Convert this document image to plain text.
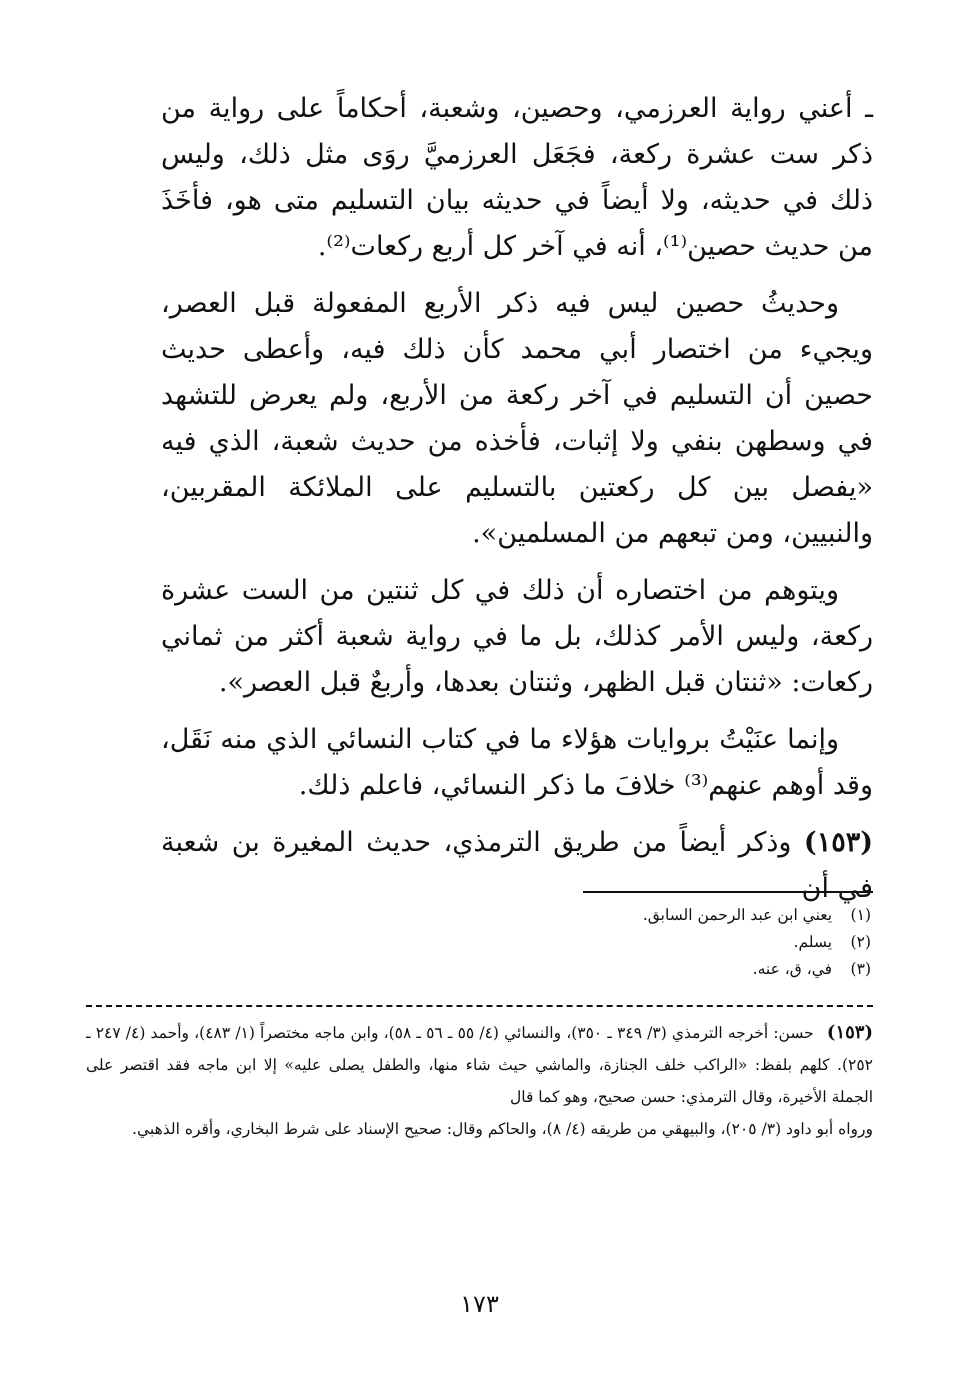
ـ أعني رواية العرزمي، وحصين، وشعبة، أحكاماً على رواية من ذكر ست عشرة ركعة، فجَعَل العرزميَّ روَى مثل ذلك، وليس ذلك في حديثه، ولا أيضاً في حديثه بيان التسليم متى هو، فأخَذَ من حديث حصين⁽¹⁾، أنه في آخر كل أربع ركعات⁽²⁾.

وحديثُ حصين ليس فيه ذكر الأربع المفعولة قبل العصر، ويجيء من اختصار أبي محمد كأن ذلك فيه، وأعطى حديث حصين أن التسليم في آخر ركعة من الأربع، ولم يعرض للتشهد في وسطهن بنفي ولا إثبات، فأخذه من حديث شعبة، الذي فيه «يفصل بين كل ركعتين بالتسليم على الملائكة المقربين، والنبيين، ومن تبعهم من المسلمين».

ويتوهم من اختصاره أن ذلك في كل ثنتين من الست عشرة ركعة، وليس الأمر كذلك، بل ما في رواية شعبة أكثر من ثماني ركعات: «ثنتان قبل الظهر، وثنتان بعدها، وأربعٌ قبل العصر».

وإنما عنَيْتُ بروايات هؤلاء ما في كتاب النسائي الذي منه نَقَل، وقد أوهم عنهم⁽³⁾ خلافَ ما ذكر النسائي، فاعلم ذلك.

(١٥٣) وذكر أيضاً من طريق الترمذي، حديث المغيرة بن شعبة في أن

(١) يعني ابن عبد الرحمن السابق.

(٢) يسلم.

(٣) في، ق، عنه.

(١٥٣) حسن: أخرجه الترمذي (٣/ ٣٤٩ ـ ٣٥٠)، والنسائي (٤/ ٥٥ ـ ٥٦ ـ ٥٨)، وابن ماجه مختصراً (١/ ٤٨٣)، وأحمد (٤/ ٢٤٧ ـ ٢٥٢). كلهم بلفظ: «الراكب خلف الجنازة، والماشي حيث شاء منها، والطفل يصلى عليه» إلا ابن ماجه فقد اقتصر على الجملة الأخيرة، وقال الترمذي: حسن صحيح، وهو كما قال

ورواه أبو داود (٣/ ٢٠٥)، والبيهقي من طريقه (٤/ ٨)، والحاكم وقال: صحيح الإسناد على شرط البخاري، وأقره الذهبي.

١٧٣
